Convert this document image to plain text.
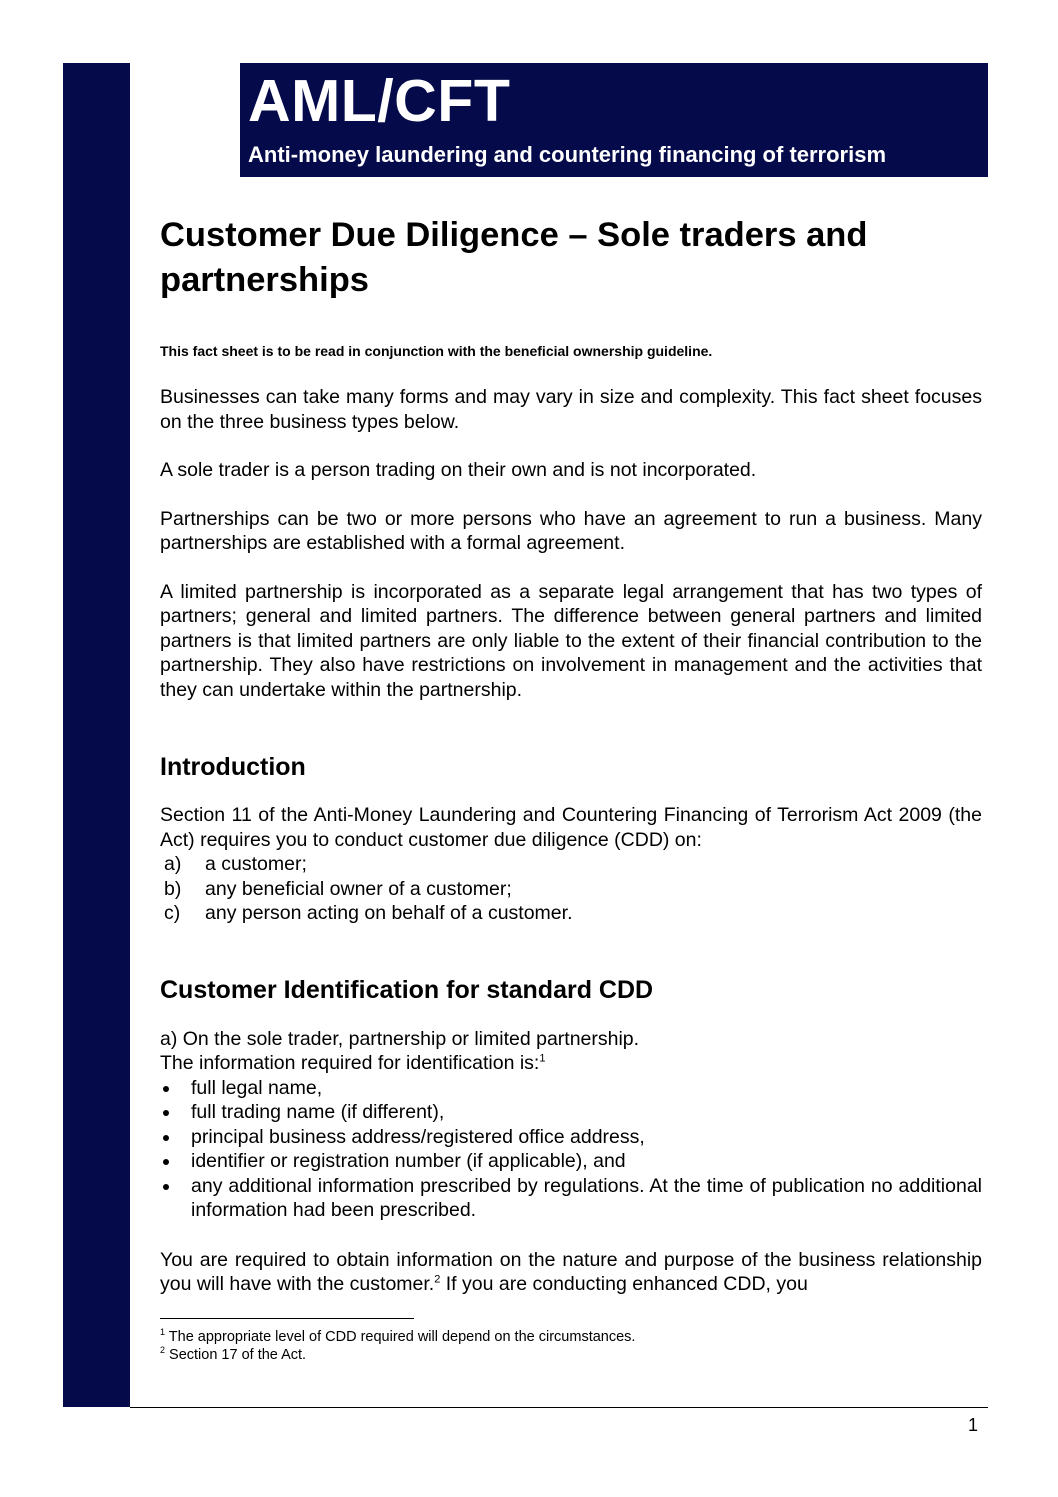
AML/CFT
Anti-money laundering and countering financing of terrorism
Customer Due Diligence – Sole traders and
partnerships

This fact sheet is to be read in conjunction with the beneficial ownership guideline.

Businesses can take many forms and may vary in size and complexity. This fact sheet focuses on the three business types below.

A sole trader is a person trading on their own and is not incorporated.

Partnerships can be two or more persons who have an agreement to run a business. Many partnerships are established with a formal agreement.

A limited partnership is incorporated as a separate legal arrangement that has two types of partners; general and limited partners. The difference between general partners and limited partners is that limited partners are only liable to the extent of their financial contribution to the partnership. They also have restrictions on involvement in management and the activities that they can undertake within the partnership.

Introduction

Section 11 of the Anti-Money Laundering and Countering Financing of Terrorism Act 2009 (the Act) requires you to conduct customer due diligence (CDD) on:

a) a customer;
b) any beneficial owner of a customer;
c) any person acting on behalf of a customer.
Customer Identification for standard CDD

a) On the sole trader, partnership or limited partnership.

The information required for identification is:$^1$

full legal name,
full trading name (if different),
principal business address/registered office address,
identifier or registration number (if applicable), and
any additional information prescribed by regulations. At the time of publication no additional information had been prescribed.

You are required to obtain information on the nature and purpose of the business relationship you will have with the customer.$^2$ If you are conducting enhanced CDD, you

$^1$ The appropriate level of CDD required will depend on the circumstances.
$^2$ Section 17 of the Act.
1
